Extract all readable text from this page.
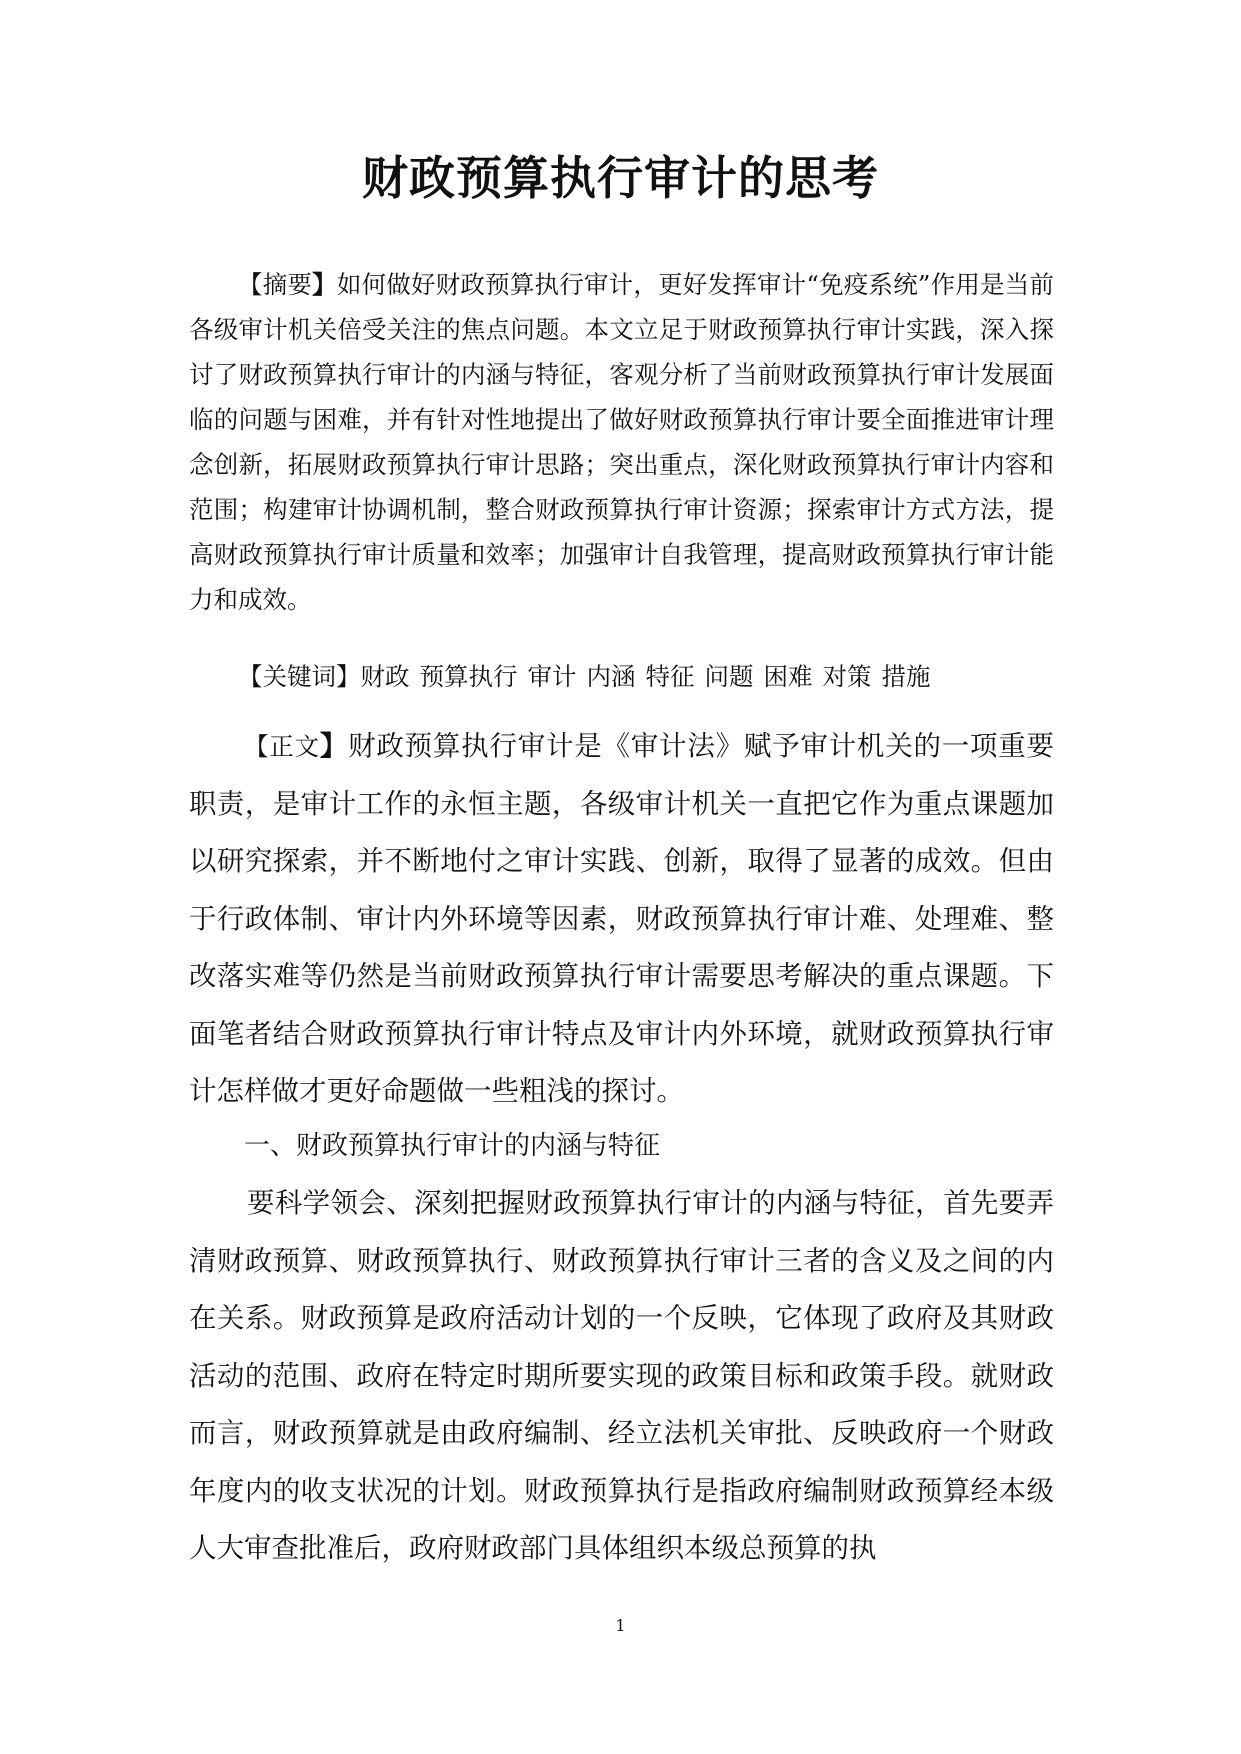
财政预算执行审计的思考

【摘要】如何做好财政预算执行审计，更好发挥审计“免疫系统”作用是当前各级审计机关倍受关注的焦点问题。本文立足于财政预算执行审计实践，深入探讨了财政预算执行审计的内涵与特征，客观分析了当前财政预算执行审计发展面临的问题与困难，并有针对性地提出了做好财政预算执行审计要全面推进审计理念创新，拓展财政预算执行审计思路；突出重点，深化财政预算执行审计内容和范围；构建审计协调机制，整合财政预算执行审计资源；探索审计方式方法，提高财政预算执行审计质量和效率；加强审计自我管理，提高财政预算执行审计能力和成效。

【关键词】财政 预算执行 审计 内涵 特征 问题 困难 对策 措施

【正文】财政预算执行审计是《审计法》赋予审计机关的一项重要职责，是审计工作的永恒主题，各级审计机关一直把它作为重点课题加以研究探索，并不断地付之审计实践、创新，取得了显著的成效。但由于行政体制、审计内外环境等因素，财政预算执行审计难、处理难、整改落实难等仍然是当前财政预算执行审计需要思考解决的重点课题。下面笔者结合财政预算执行审计特点及审计内外环境，就财政预算执行审计怎样做才更好命题做一些粗浅的探讨。

一、财政预算执行审计的内涵与特征

要科学领会、深刻把握财政预算执行审计的内涵与特征，首先要弄清财政预算、财政预算执行、财政预算执行审计三者的含义及之间的内在关系。财政预算是政府活动计划的一个反映，它体现了政府及其财政活动的范围、政府在特定时期所要实现的政策目标和政策手段。就财政而言，财政预算就是由政府编制、经立法机关审批、反映政府一个财政年度内的收支状况的计划。财政预算执行是指政府编制财政预算经本级人大审查批准后，政府财政部门具体组织本级总预算的执

1
